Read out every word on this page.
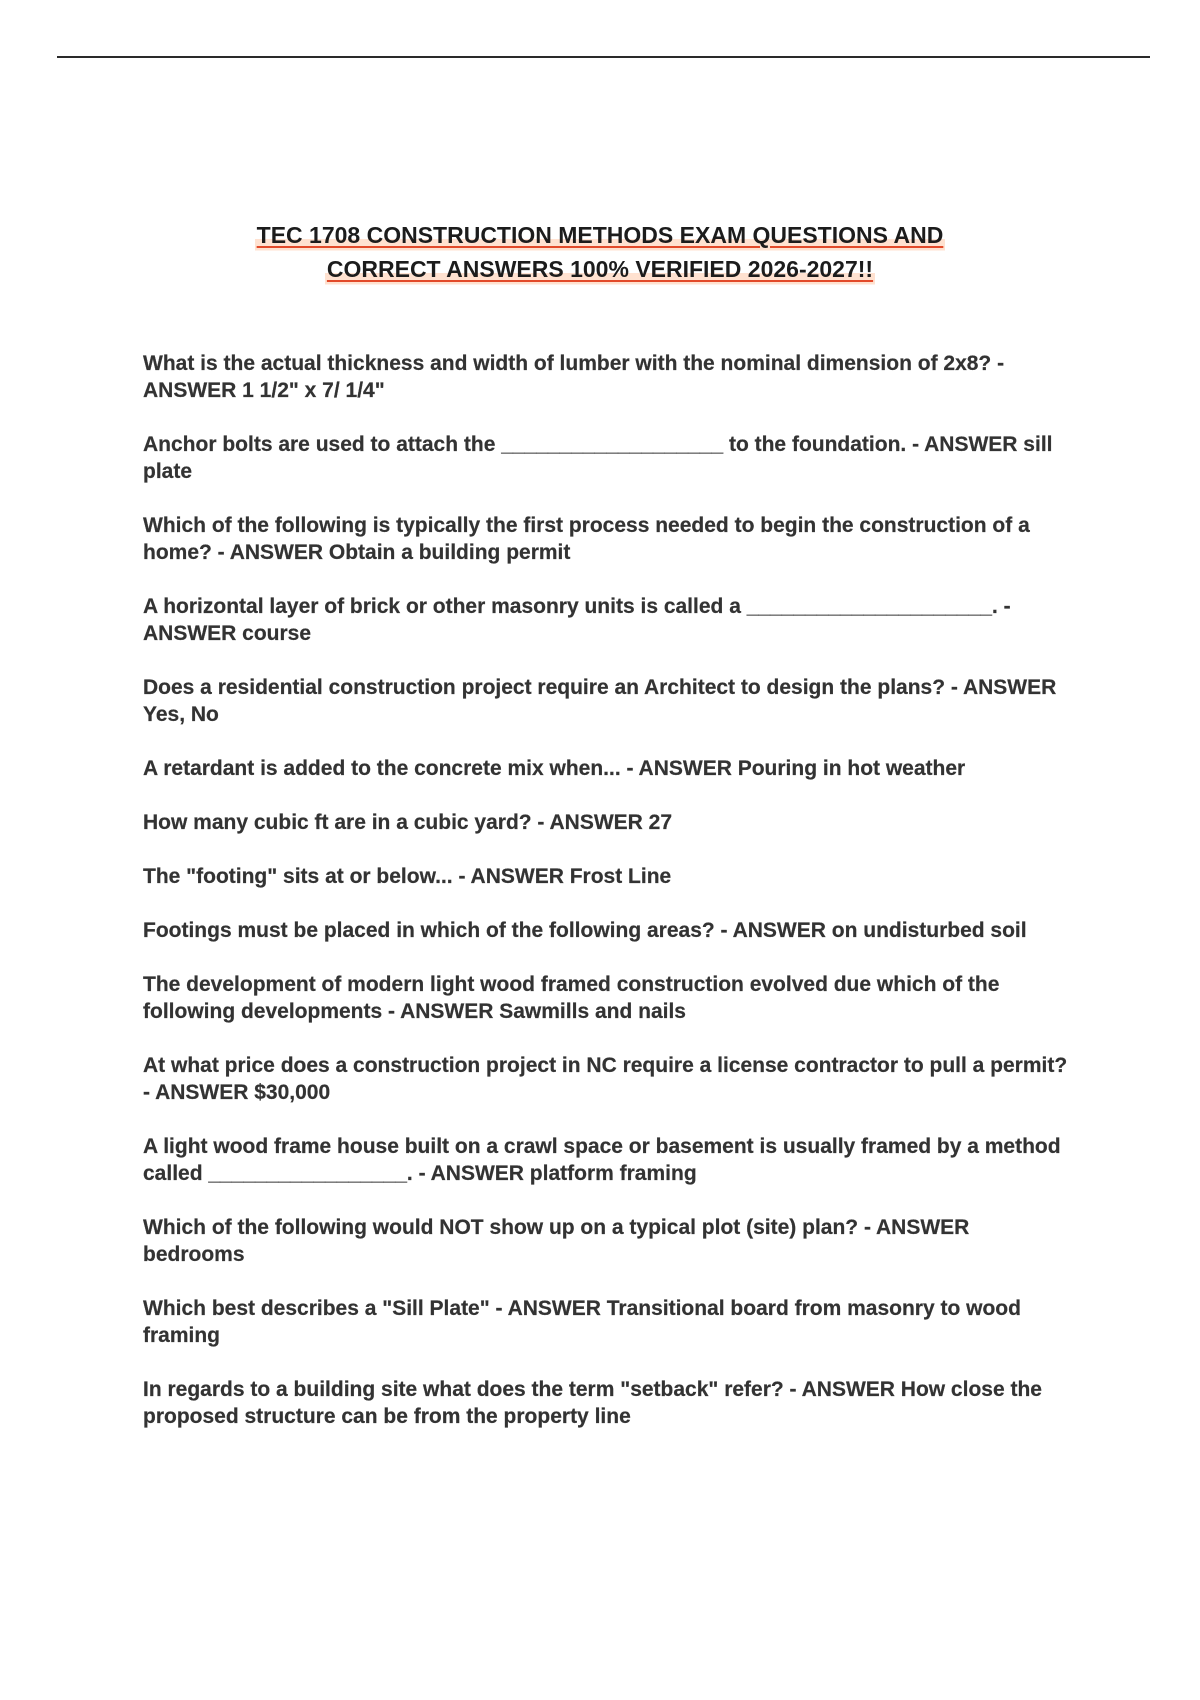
TEC 1708 CONSTRUCTION METHODS EXAM QUESTIONS AND
CORRECT ANSWERS 100% VERIFIED 2026-2027!!
What is the actual thickness and width of lumber with the nominal dimension of 2x8? - ANSWER 1 1/2" x 7/ 1/4"
Anchor bolts are used to attach the ___________________ to the foundation. - ANSWER sill plate
Which of the following is typically the first process needed to begin the construction of a home? - ANSWER Obtain a building permit
A horizontal layer of brick or other masonry units is called a _____________________. - ANSWER course
Does a residential construction project require an Architect to design the plans? - ANSWER Yes, No
A retardant is added to the concrete mix when... - ANSWER Pouring in hot weather
How many cubic ft are in a cubic yard? - ANSWER 27
The "footing" sits at or below... - ANSWER Frost Line
Footings must be placed in which of the following areas? - ANSWER on undisturbed soil
The development of modern light wood framed construction evolved due which of the following developments - ANSWER Sawmills and nails
At what price does a construction project in NC require a license contractor to pull a permit? - ANSWER $30,000
A light wood frame house built on a crawl space or basement is usually framed by a method called _________________. - ANSWER platform framing
Which of the following would NOT show up on a typical plot (site) plan? - ANSWER bedrooms
Which best describes a "Sill Plate" - ANSWER Transitional board from masonry to wood framing
In regards to a building site what does the term "setback" refer? - ANSWER How close the proposed structure can be from the property line
